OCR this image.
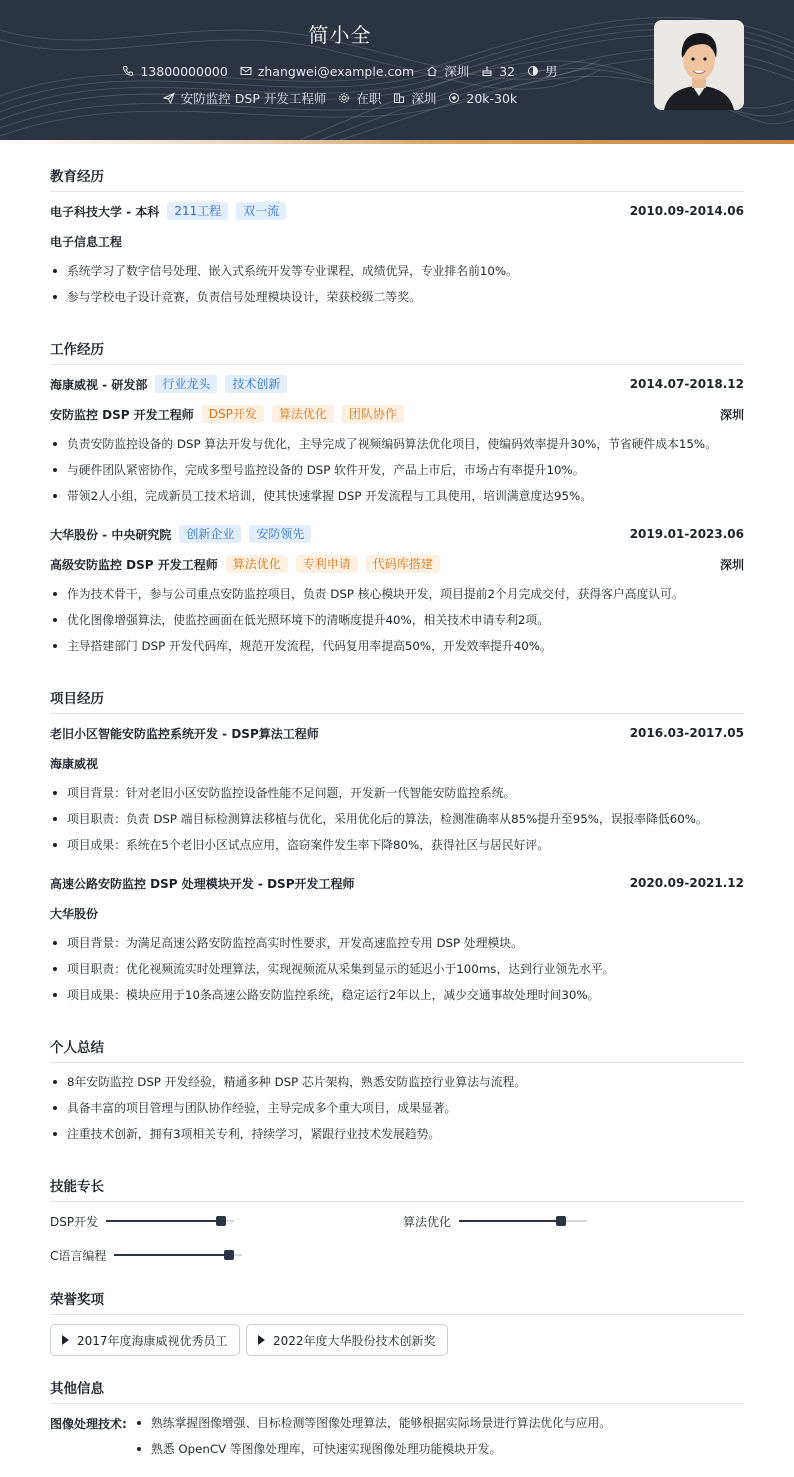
简小全
13800000000 zhangwei@example.com 深圳 32 男
安防监控 DSP 开发工程师 在职 深圳 20k-30k
教育经历
电子科技大学 - 本科	211工程	双一流	2010.09-2014.06
电子信息工程
系统学习了数字信号处理、嵌入式系统开发等专业课程，成绩优异，专业排名前10%。
参与学校电子设计竞赛，负责信号处理模块设计，荣获校级二等奖。
工作经历
海康威视 - 研发部	行业龙头	技术创新	2014.07-2018.12
安防监控 DSP 开发工程师	DSP开发	算法优化	团队协作	深圳
负责安防监控设备的 DSP 算法开发与优化，主导完成了视频编码算法优化项目，使编码效率提升30%，节省硬件成本15%。
与硬件团队紧密协作，完成多型号监控设备的 DSP 软件开发，产品上市后，市场占有率提升10%。
带领2人小组，完成新员工技术培训，使其快速掌握 DSP 开发流程与工具使用，培训满意度达95%。
大华股份 - 中央研究院	创新企业	安防领先	2019.01-2023.06
高级安防监控 DSP 开发工程师	算法优化	专利申请	代码库搭建	深圳
作为技术骨干，参与公司重点安防监控项目，负责 DSP 核心模块开发，项目提前2个月完成交付，获得客户高度认可。
优化图像增强算法，使监控画面在低光照环境下的清晰度提升40%，相关技术申请专利2项。
主导搭建部门 DSP 开发代码库，规范开发流程，代码复用率提高50%，开发效率提升40%。
项目经历
老旧小区智能安防监控系统开发 - DSP算法工程师	2016.03-2017.05
海康威视
项目背景：针对老旧小区安防监控设备性能不足问题，开发新一代智能安防监控系统。
项目职责：负责 DSP 端目标检测算法移植与优化，采用优化后的算法，检测准确率从85%提升至95%，误报率降低60%。
项目成果：系统在5个老旧小区试点应用，盗窃案件发生率下降80%，获得社区与居民好评。
高速公路安防监控 DSP 处理模块开发 - DSP开发工程师	2020.09-2021.12
大华股份
项目背景：为满足高速公路安防监控高实时性要求，开发高速监控专用 DSP 处理模块。
项目职责：优化视频流实时处理算法，实现视频流从采集到显示的延迟小于100ms，达到行业领先水平。
项目成果：模块应用于10条高速公路安防监控系统，稳定运行2年以上，减少交通事故处理时间30%。
个人总结
8年安防监控 DSP 开发经验，精通多种 DSP 芯片架构，熟悉安防监控行业算法与流程。
具备丰富的项目管理与团队协作经验，主导完成多个重大项目，成果显著。
注重技术创新，拥有3项相关专利，持续学习，紧跟行业技术发展趋势。
技能专长
DSP开发	算法优化
C语言编程
荣誉奖项
2017年度海康威视优秀员工	2022年度大华股份技术创新奖
其他信息
图像处理技术:	熟练掌握图像增强、目标检测等图像处理算法，能够根据实际场景进行算法优化与应用。
熟悉 OpenCV 等图像处理库，可快速实现图像处理功能模块开发。
